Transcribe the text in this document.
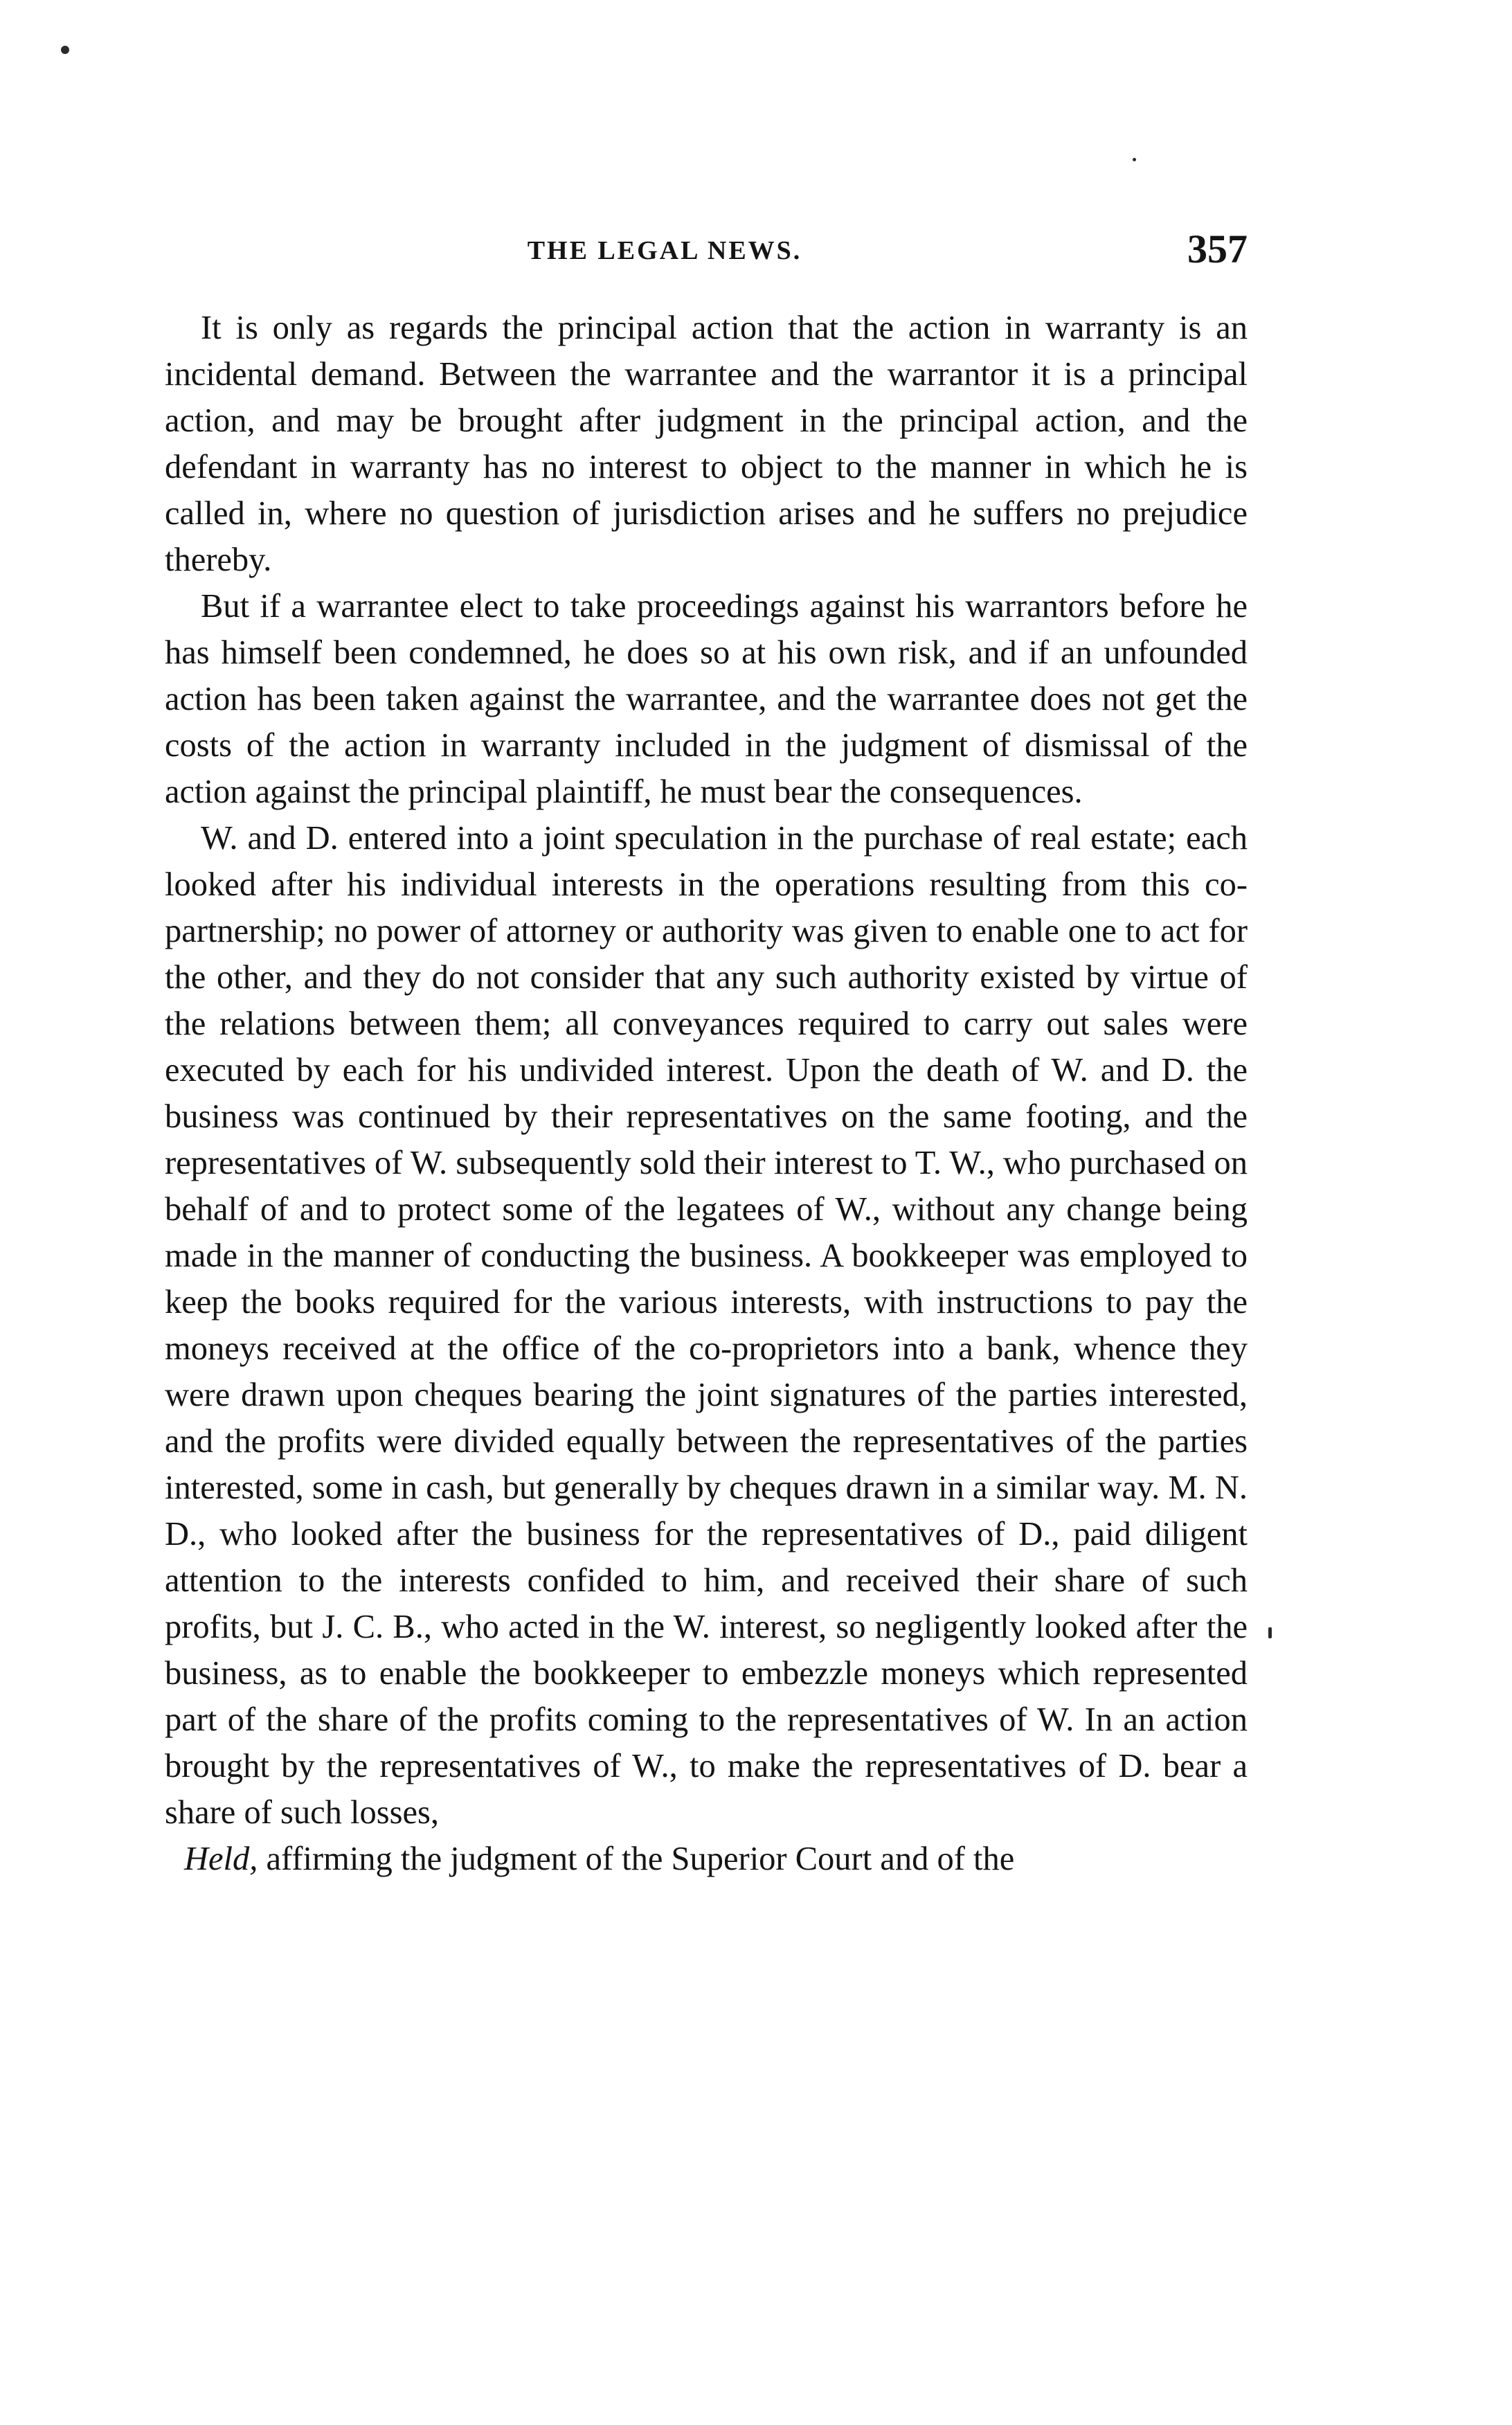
THE LEGAL NEWS.	357

It is only as regards the principal action that the action in warranty is an incidental demand. Between the warrantee and the warrantor it is a principal action, and may be brought after judgment in the principal action, and the defendant in warranty has no interest to object to the manner in which he is called in, where no question of jurisdiction arises and he suffers no prejudice thereby.

But if a warrantee elect to take proceedings against his warrantors before he has himself been condemned, he does so at his own risk, and if an unfounded action has been taken against the warrantee, and the warrantee does not get the costs of the action in warranty included in the judgment of dismissal of the action against the principal plaintiff, he must bear the consequences.

W. and D. entered into a joint speculation in the purchase of real estate; each looked after his individual interests in the operations resulting from this co-partnership; no power of attorney or authority was given to enable one to act for the other, and they do not consider that any such authority existed by virtue of the relations between them; all conveyances required to carry out sales were executed by each for his undivided interest. Upon the death of W. and D. the business was continued by their representatives on the same footing, and the representatives of W. subsequently sold their interest to T. W., who purchased on behalf of and to protect some of the legatees of W., without any change being made in the manner of conducting the business. A bookkeeper was employed to keep the books required for the various interests, with instructions to pay the moneys received at the office of the co-proprietors into a bank, whence they were drawn upon cheques bearing the joint signatures of the parties interested, and the profits were divided equally between the representatives of the parties interested, some in cash, but generally by cheques drawn in a similar way. M. N. D., who looked after the business for the representatives of D., paid diligent attention to the interests confided to him, and received their share of such profits, but J. C. B., who acted in the W. interest, so negligently looked after the business, as to enable the bookkeeper to embezzle moneys which represented part of the share of the profits coming to the representatives of W. In an action brought by the representatives of W., to make the representatives of D. bear a share of such losses,

Held, affirming the judgment of the Superior Court and of the
